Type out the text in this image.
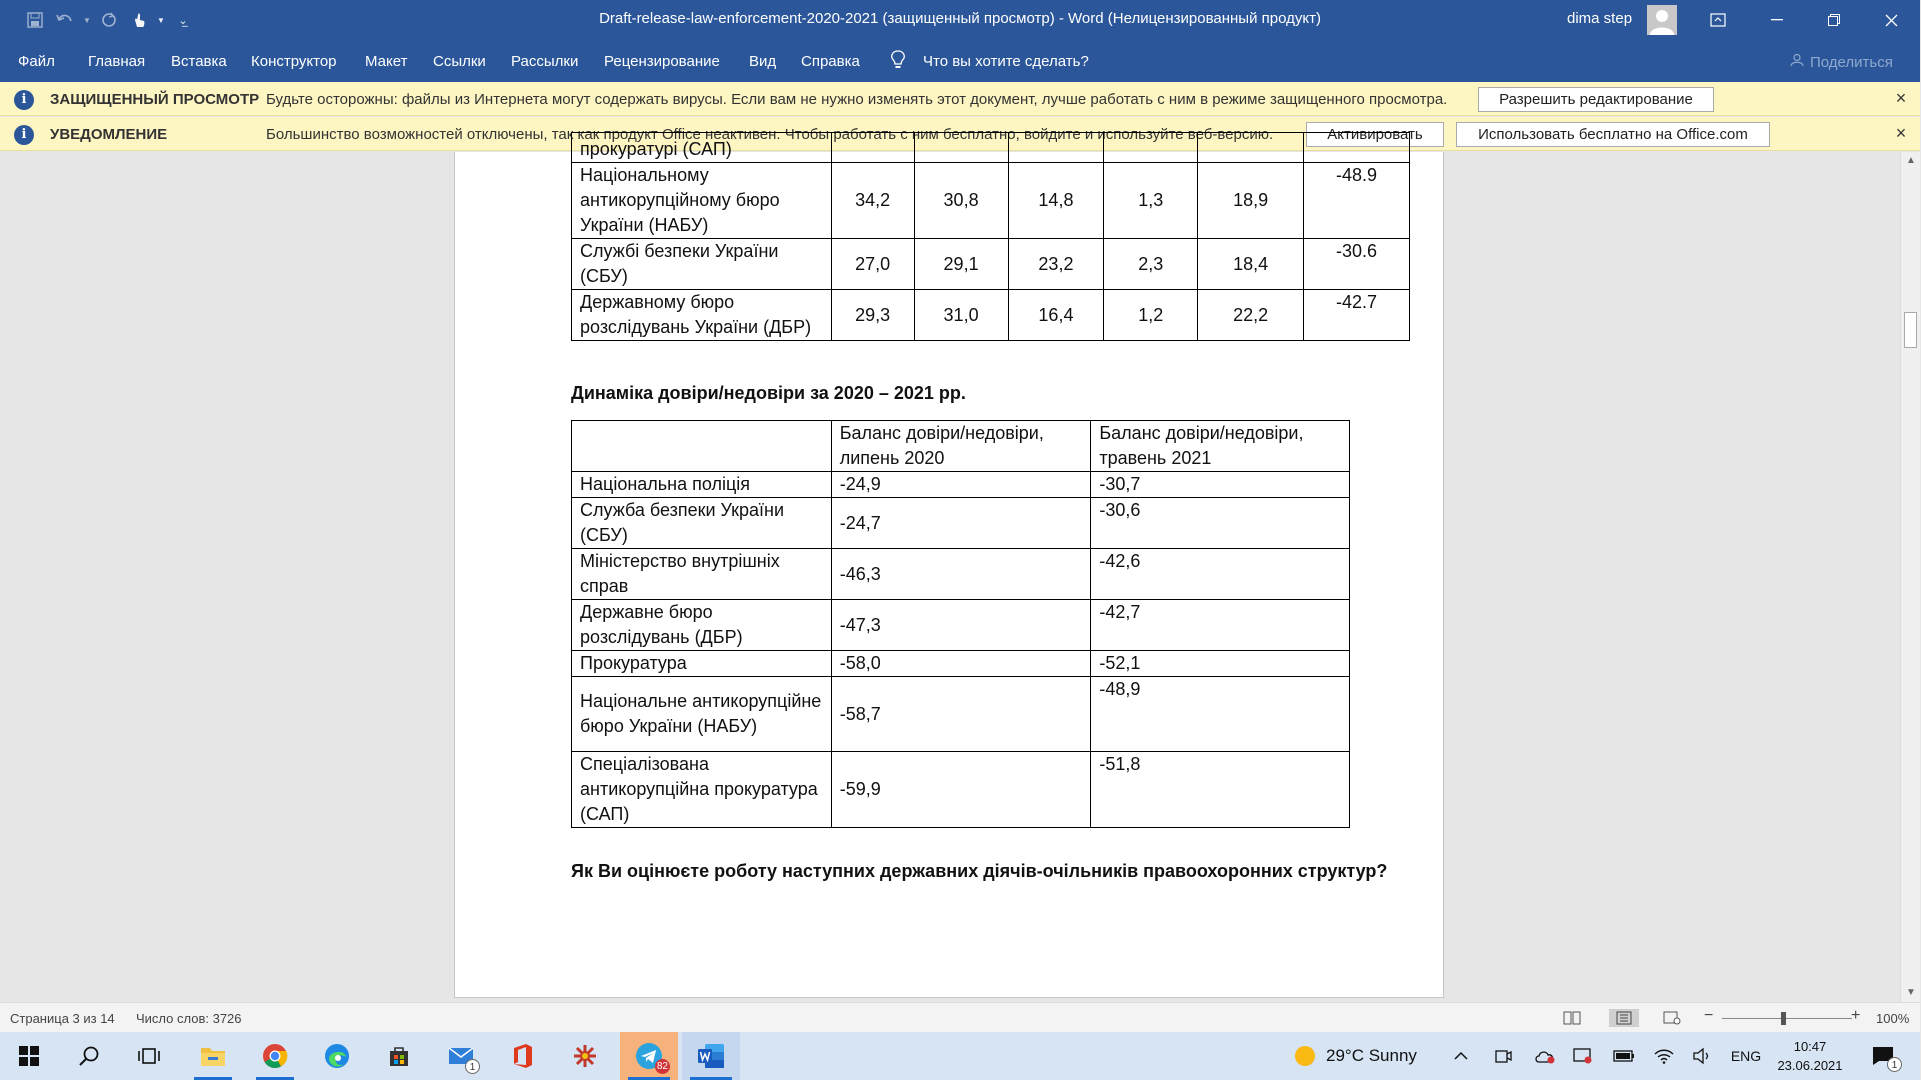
▼	▼ ⌄̲	Draft-release-law-enforcement-2020-2021 (защищенный просмотр) - Word (Нелицензированный продукт)	dima step
Файл Главная Вставка Конструктор Макет Ссылки Рассылки Рецензирование Вид Справка	Что вы хотите сделать?	Поделиться
i	ЗАЩИЩЕННЫЙ ПРОСМОТР Будьте осторожны: файлы из Интернета могут содержать вирусы. Если вам не нужно изменять этот документ, лучше работать с ним в режиме защищенного просмотра.	Разрешить редактирование	×
i	УВЕДОМЛЕНИЕ	Большинство возможностей отключены, так как продукт Office неактивен. Чтобы работать с ним бесплатно, войдите и используйте веб-версию.	Активировать	Использовать бесплатно на Office.com	×
прокуратурі (САП)						
Національному антикорупційному бюро України (НАБУ)	34,2	30,8	14,8	1,3	18,9	-48.9
Службі безпеки України (СБУ)	27,0	29,1	23,2	2,3	18,4	-30.6
Державному бюро розслідувань України (ДБР)	29,3	31,0	16,4	1,2	22,2	-42.7
Динаміка довіри/недовіри за 2020 – 2021 рр.
	Баланс довіри/недовіри, липень 2020	Баланс довіри/недовіри, травень 2021
Національна поліція	-24,9	-30,7
Служба безпеки України (СБУ)	-24,7	-30,6
Міністерство внутрішніх справ	-46,3	-42,6
Державне бюро розслідувань (ДБР)	-47,3	-42,7
Прокуратура	-58,0	-52,1
Національне антикорупційне бюро України (НАБУ)	-58,7	-48,9
Спеціалізована антикорупційна прокуратура (САП)	-59,9	-51,8
Як Ви оцінюєте роботу наступних державних діячів-очільників правоохоронних структур?
▲
▼
Страница 3 из 14 Число слов: 3726	−	+ 100%
1	82
29°C Sunny	ENG
10:47
23.06.2021	1
